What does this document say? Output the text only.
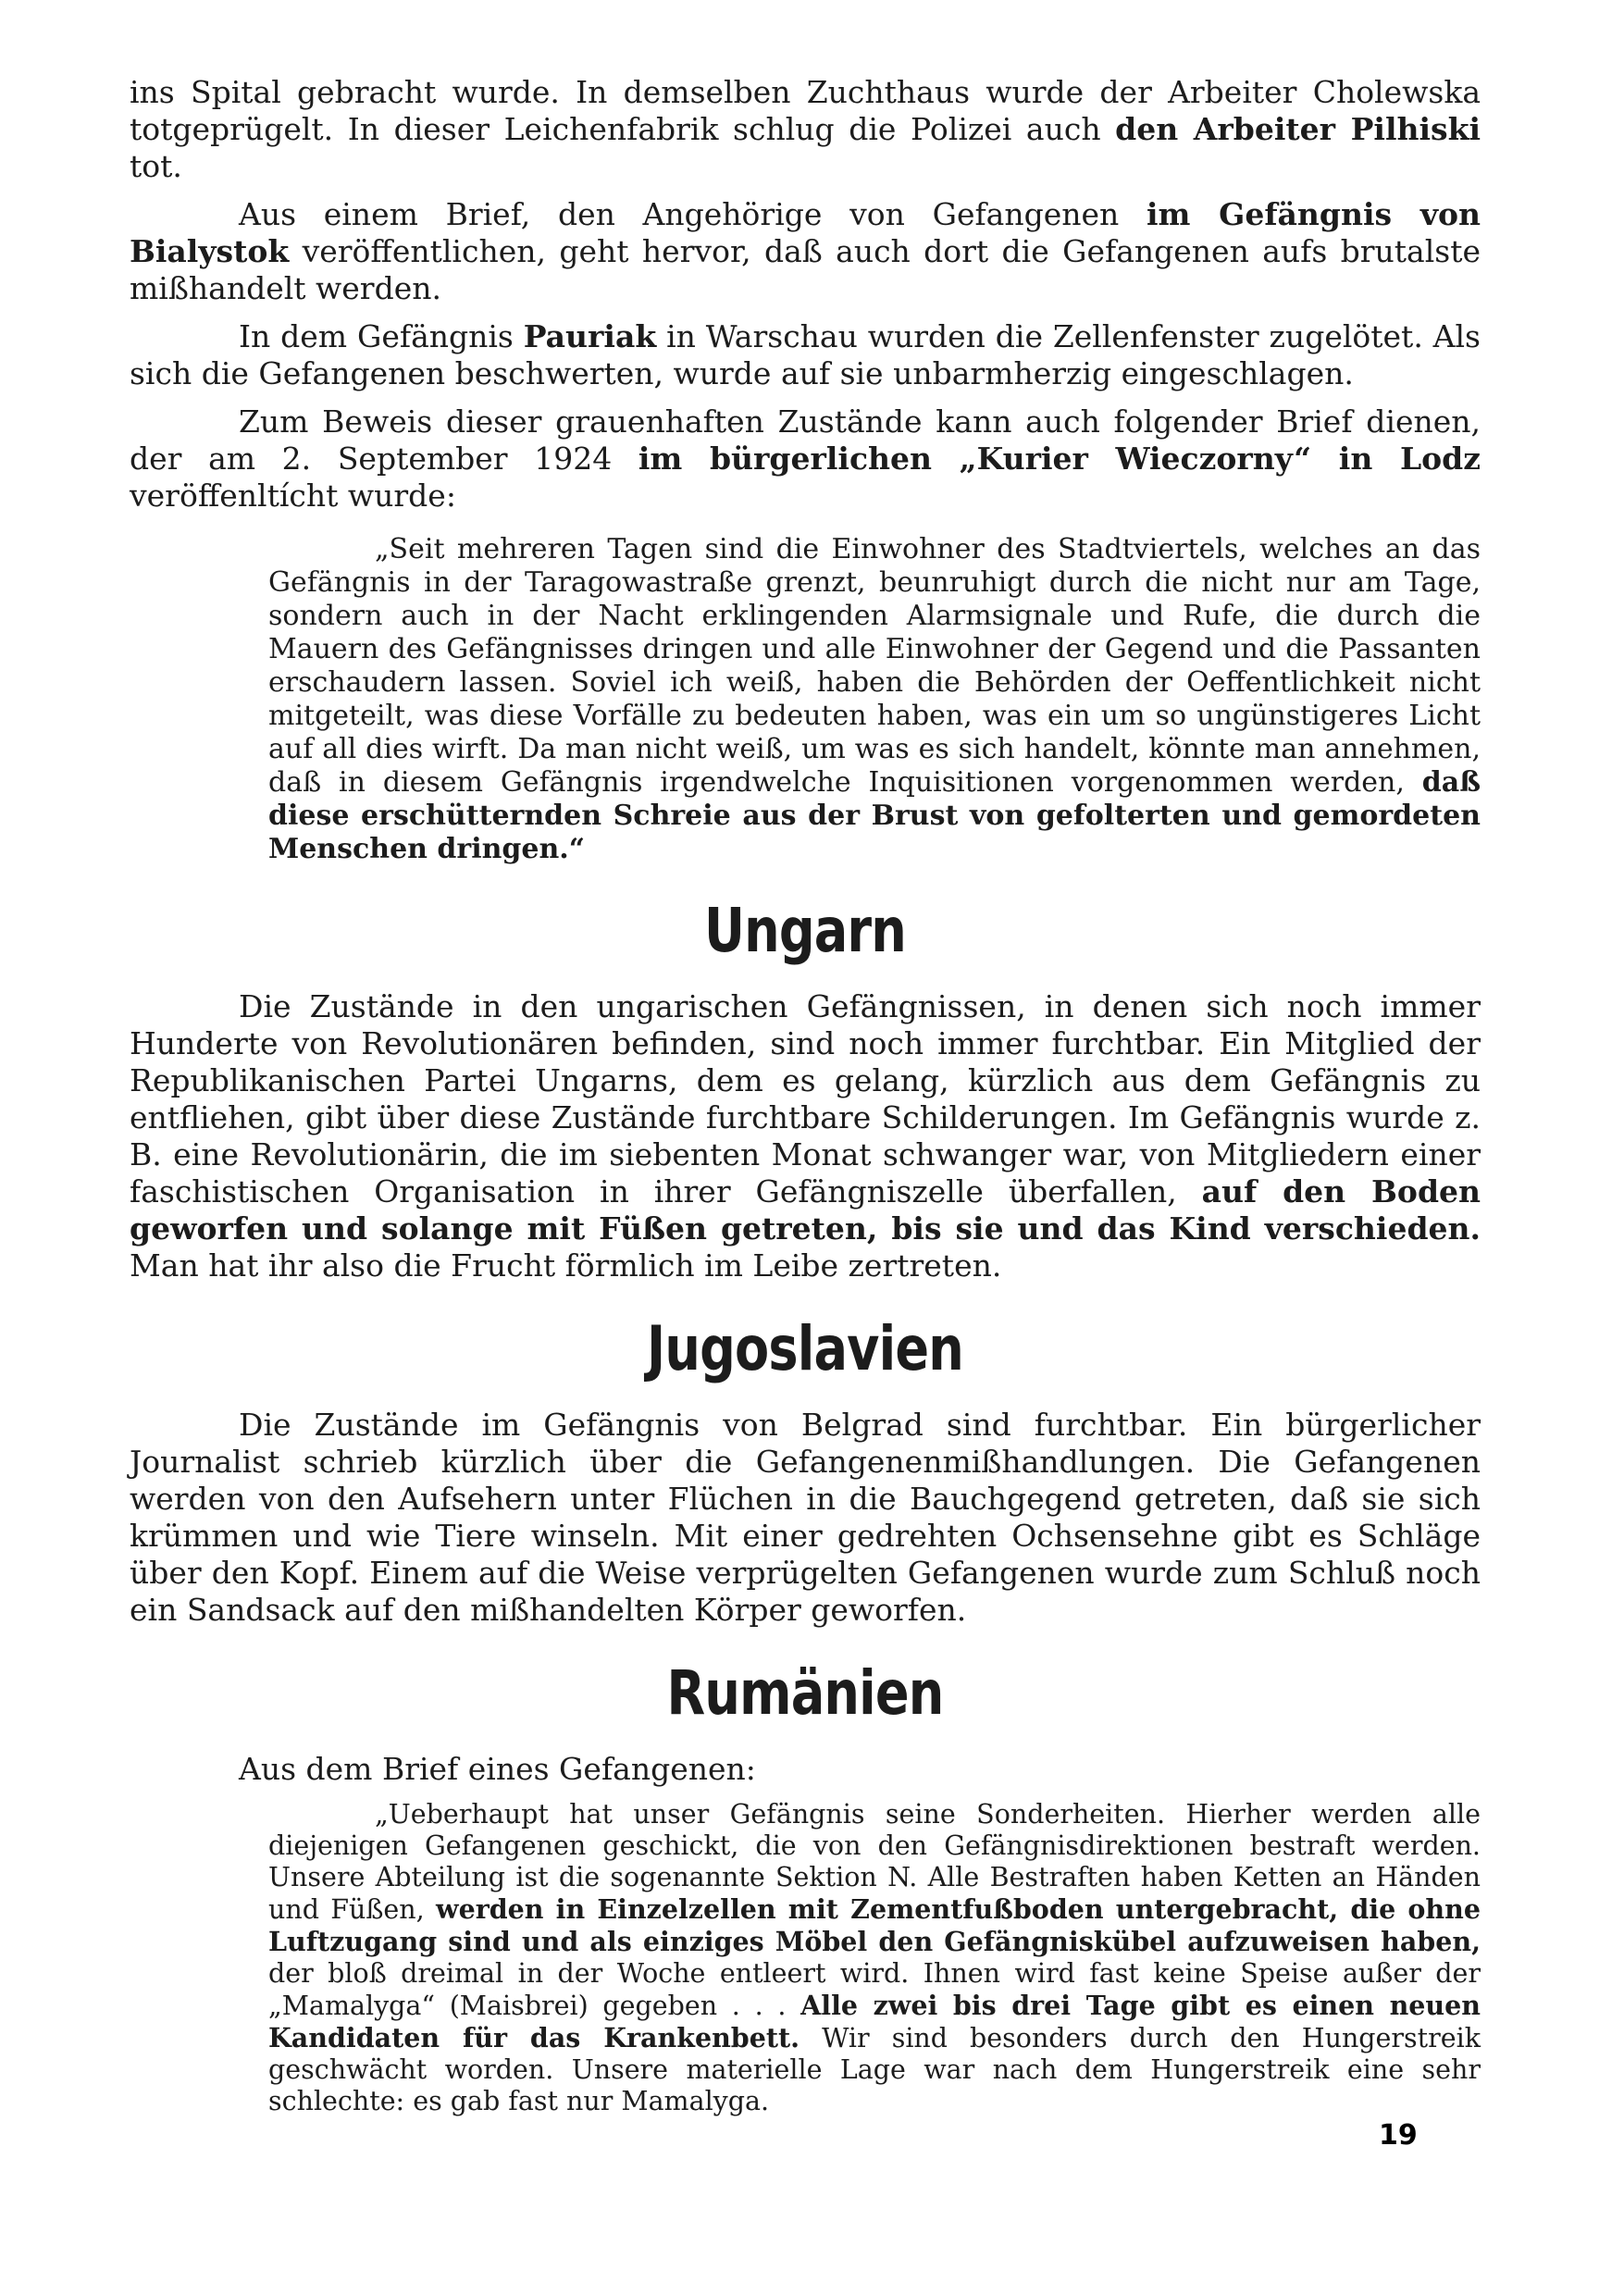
ins Spital gebracht wurde. In demselben Zuchthaus wurde der Arbeiter Cholewska totgeprügelt. In dieser Leichenfabrik schlug die Polizei auch den Arbeiter Pilhiski tot.

Aus einem Brief, den Angehörige von Gefangenen im Gefängnis von Bialystok veröffentlichen, geht hervor, daß auch dort die Gefangenen aufs brutalste mißhandelt werden.

In dem Gefängnis Pauriak in Warschau wurden die Zellenfenster zugelötet. Als sich die Gefangenen beschwerten, wurde auf sie unbarmherzig eingeschlagen.

Zum Beweis dieser grauenhaften Zustände kann auch folgender Brief dienen, der am 2. September 1924 im bürgerlichen „Kurier Wieczorny“ in Lodz veröffenltícht wurde:

„Seit mehreren Tagen sind die Einwohner des Stadtviertels, welches an das Gefängnis in der Taragowastraße grenzt, beunruhigt durch die nicht nur am Tage, sondern auch in der Nacht erklingenden Alarmsignale und Rufe, die durch die Mauern des Gefängnisses dringen und alle Einwohner der Gegend und die Passanten erschaudern lassen. Soviel ich weiß, haben die Behörden der Oeffentlichkeit nicht mitgeteilt, was diese Vorfälle zu bedeuten haben, was ein um so ungünstigeres Licht auf all dies wirft. Da man nicht weiß, um was es sich handelt, könnte man annehmen, daß in diesem Gefängnis irgendwelche Inquisitionen vorgenommen werden, daß diese erschütternden Schreie aus der Brust von gefolterten und gemordeten Menschen dringen.“

Ungarn

Die Zustände in den ungarischen Gefängnissen, in denen sich noch immer Hunderte von Revolutionären befinden, sind noch immer furchtbar. Ein Mitglied der Republikanischen Partei Ungarns, dem es gelang, kürzlich aus dem Gefängnis zu entfliehen, gibt über diese Zustände furchtbare Schilderungen. Im Gefängnis wurde z. B. eine Revolutionärin, die im siebenten Monat schwanger war, von Mitgliedern einer faschistischen Organisation in ihrer Gefängniszelle überfallen, auf den Boden geworfen und solange mit Füßen getreten, bis sie und das Kind verschieden. Man hat ihr also die Frucht förmlich im Leibe zertreten.

Jugoslavien

Die Zustände im Gefängnis von Belgrad sind furchtbar. Ein bürgerlicher Journalist schrieb kürzlich über die Gefangenenmißhandlungen. Die Gefangenen werden von den Aufsehern unter Flüchen in die Bauchgegend getreten, daß sie sich krümmen und wie Tiere winseln. Mit einer gedrehten Ochsensehne gibt es Schläge über den Kopf. Einem auf die Weise verprügelten Gefangenen wurde zum Schluß noch ein Sandsack auf den mißhandelten Körper geworfen.

Rumänien

Aus dem Brief eines Gefangenen:

„Ueberhaupt hat unser Gefängnis seine Sonderheiten. Hierher werden alle diejenigen Gefangenen geschickt, die von den Gefängnisdirektionen bestraft werden. Unsere Abteilung ist die sogenannte Sektion N. Alle Bestraften haben Ketten an Händen und Füßen, werden in Einzelzellen mit Zementfußboden untergebracht, die ohne Luftzugang sind und als einziges Möbel den Gefängniskübel aufzuweisen haben, der bloß dreimal in der Woche entleert wird. Ihnen wird fast keine Speise außer der „Mamalyga“ (Maisbrei) gegeben . . . Alle zwei bis drei Tage gibt es einen neuen Kandidaten für das Krankenbett. Wir sind besonders durch den Hungerstreik geschwächt worden. Unsere materielle Lage war nach dem Hungerstreik eine sehr schlechte: es gab fast nur Mamalyga.

19
